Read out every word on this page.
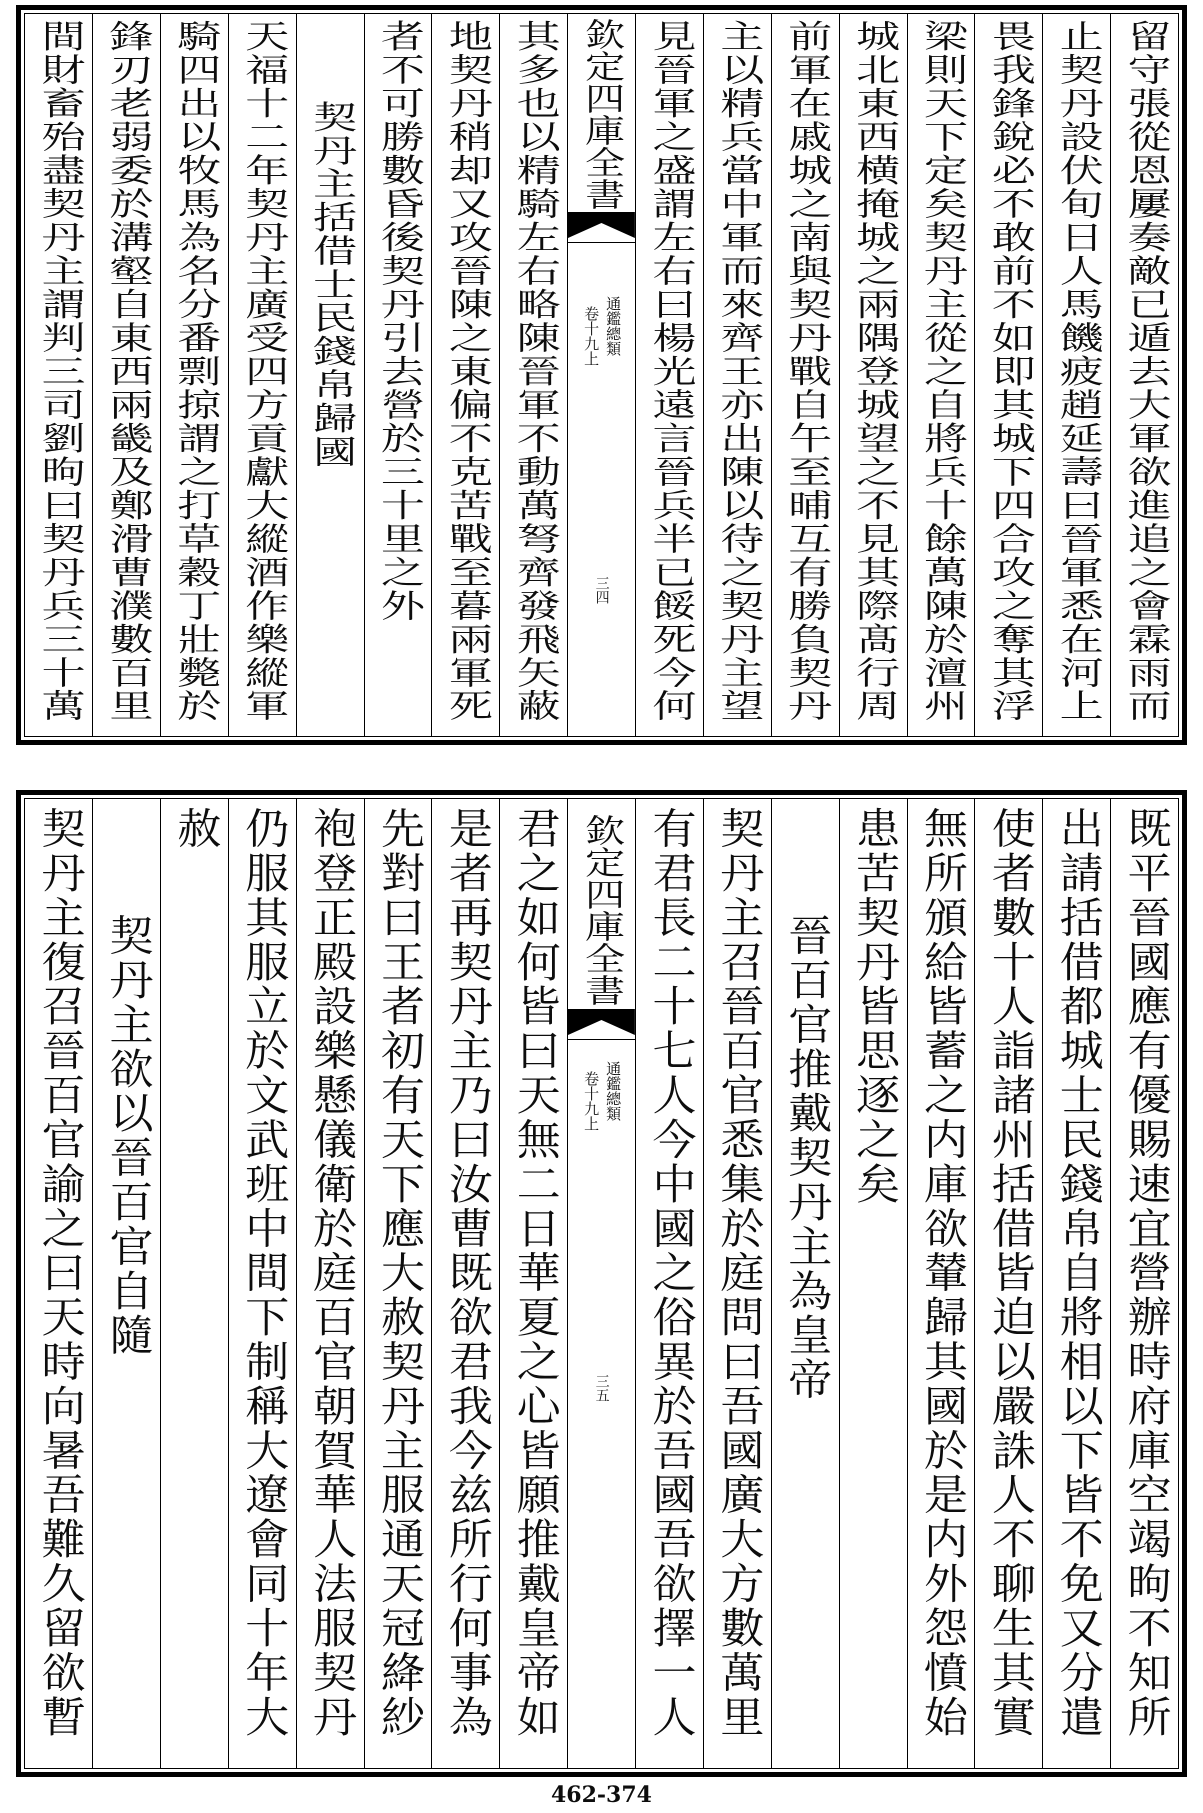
留守張從恩屢奏敵已遁去大軍欲進追之會霖雨而
止契丹設伏旬日人馬饑疲趙延壽曰晉軍悉在河上
畏我鋒銳必不敢前不如即其城下四合攻之奪其浮
梁則天下定矣契丹主從之自將兵十餘萬陳於澶州
城北東西横掩城之兩隅登城望之不見其際髙行周
前軍在戚城之南與契丹戰自午至晡互有勝負契丹
主以精兵當中軍而來齊王亦出陳以待之契丹主望
見晉軍之盛謂左右曰楊光遠言晉兵半已餒死今何
欽定四庫全書
通鑑總類
卷十九上
三四
其多也以精騎左右略陳晉軍不動萬弩齊發飛矢蔽
地契丹稍却又攻晉陳之東偏不克苦戰至暮兩軍死
者不可勝數昏後契丹引去營於三十里之外
契丹主括借士民錢帛歸國
天福十二年契丹主廣受四方貢獻大縱酒作樂縱軍
騎四出以牧馬為名分番剽掠謂之打草穀丁壯斃於
鋒刃老弱委於溝壑自東西兩畿及鄭滑曹濮數百里
間財畜殆盡契丹主謂判三司劉昫曰契丹兵三十萬
既平晉國應有優賜速宜營辦時府庫空竭昫不知所
出請括借都城士民錢帛自將相以下皆不免又分遣
使者數十人詣諸州括借皆迫以嚴誅人不聊生其實
無所頒給皆蓄之内庫欲輦歸其國於是内外怨憤始
患苦契丹皆思逐之矣
晉百官推戴契丹主為皇帝
契丹主召晉百官悉集於庭問曰吾國廣大方數萬里
有君長二十七人今中國之俗異於吾國吾欲擇一人
欽定四庫全書
通鑑總類
卷十九上
三五
君之如何皆曰天無二日華夏之心皆願推戴皇帝如
是者再契丹主乃曰汝曹既欲君我今兹所行何事為
先對曰王者初有天下應大赦契丹主服通天冠絳紗
袍登正殿設樂懸儀衛於庭百官朝賀華人法服契丹
仍服其服立於文武班中間下制稱大遼會同十年大
赦
契丹主欲以晉百官自隨
契丹主復召晉百官諭之曰天時向暑吾難久留欲暫
462-374
